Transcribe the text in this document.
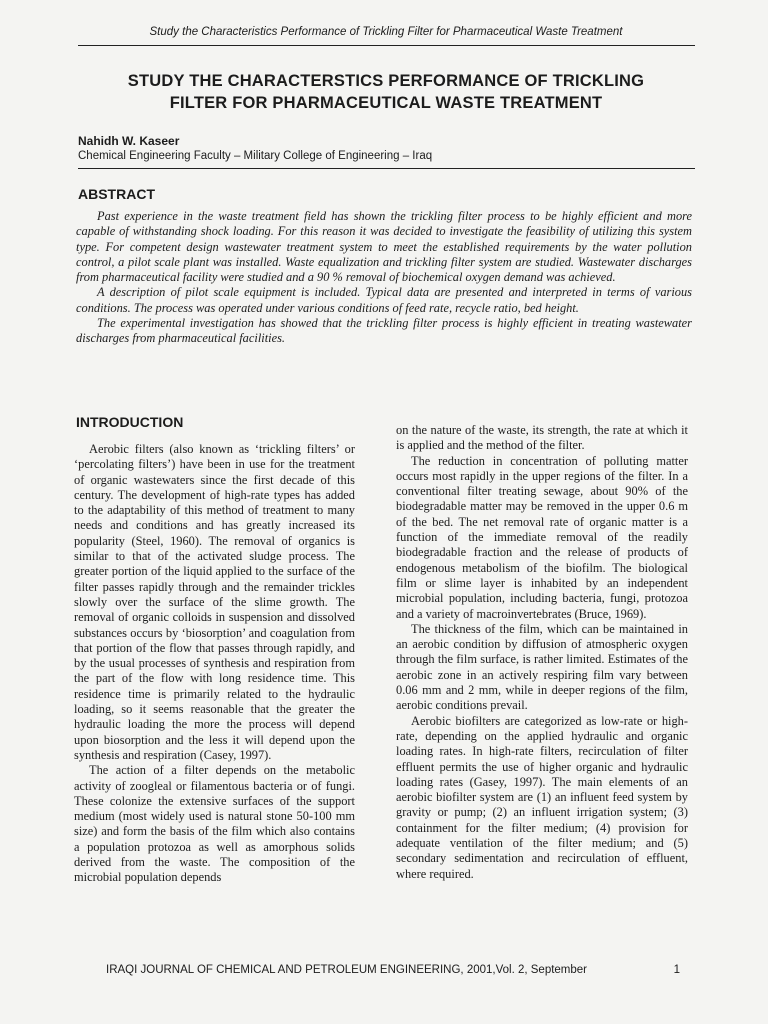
Study the Characteristics Performance of Trickling Filter for Pharmaceutical Waste Treatment
STUDY THE CHARACTERSTICS PERFORMANCE OF TRICKLING
FILTER FOR PHARMACEUTICAL WASTE TREATMENT
Nahidh W. Kaseer
Chemical Engineering Faculty – Military College of Engineering – Iraq
ABSTRACT

Past experience in the waste treatment field has shown the trickling filter process to be highly efficient and more capable of withstanding shock loading. For this reason it was decided to investigate the feasibility of utilizing this system type. For competent design wastewater treatment system to meet the established requirements by the water pollution control, a pilot scale plant was installed. Waste equalization and trickling filter system are studied. Wastewater discharges from pharmaceutical facility were studied and a 90 % removal of biochemical oxygen demand was achieved.

A description of pilot scale equipment is included. Typical data are presented and interpreted in terms of various conditions. The process was operated under various conditions of feed rate, recycle ratio, bed height.

The experimental investigation has showed that the trickling filter process is highly efficient in treating wastewater discharges from pharmaceutical facilities.

INTRODUCTION

Aerobic filters (also known as ‘trickling filters’ or ‘percolating filters’) have been in use for the treatment of organic wastewaters since the first decade of this century. The development of high-rate types has added to the adaptability of this method of treatment to many needs and conditions and has greatly increased its popularity (Steel, 1960). The removal of organics is similar to that of the activated sludge process. The greater portion of the liquid applied to the surface of the filter passes rapidly through and the remainder trickles slowly over the surface of the slime growth. The removal of organic colloids in suspension and dissolved substances occurs by ‘biosorption’ and coagulation from that portion of the flow that passes through rapidly, and by the usual processes of synthesis and respiration from the part of the flow with long residence time. This residence time is primarily related to the hydraulic loading, so it seems reasonable that the greater the hydraulic loading the more the process will depend upon biosorption and the less it will depend upon the synthesis and respiration (Casey, 1997).

The action of a filter depends on the metabolic activity of zoogleal or filamentous bacteria or of fungi. These colonize the extensive surfaces of the support medium (most widely used is natural stone 50-100 mm size) and form the basis of the film which also contains a population protozoa as well as amorphous solids derived from the waste. The composition of the microbial population depends

on the nature of the waste, its strength, the rate at which it is applied and the method of the filter.

The reduction in concentration of polluting matter occurs most rapidly in the upper regions of the filter. In a conventional filter treating sewage, about 90% of the biodegradable matter may be removed in the upper 0.6 m of the bed. The net removal rate of organic matter is a function of the immediate removal of the readily biodegradable fraction and the release of products of endogenous metabolism of the biofilm. The biological film or slime layer is inhabited by an independent microbial population, including bacteria, fungi, protozoa and a variety of macroinvertebrates (Bruce, 1969).

The thickness of the film, which can be maintained in an aerobic condition by diffusion of atmospheric oxygen through the film surface, is rather limited. Estimates of the aerobic zone in an actively respiring film vary between 0.06 mm and 2 mm, while in deeper regions of the film, aerobic conditions prevail.

Aerobic biofilters are categorized as low-rate or high-rate, depending on the applied hydraulic and organic loading rates. In high-rate filters, recirculation of filter effluent permits the use of higher organic and hydraulic loading rates (Gasey, 1997). The main elements of an aerobic biofilter system are (1) an influent feed system by gravity or pump; (2) an influent irrigation system; (3) containment for the filter medium; (4) provision for adequate ventilation of the filter medium; and (5) secondary sedimentation and recirculation of effluent, where required.

IRAQI JOURNAL OF CHEMICAL AND PETROLEUM ENGINEERING, 2001,Vol. 2, September	1
